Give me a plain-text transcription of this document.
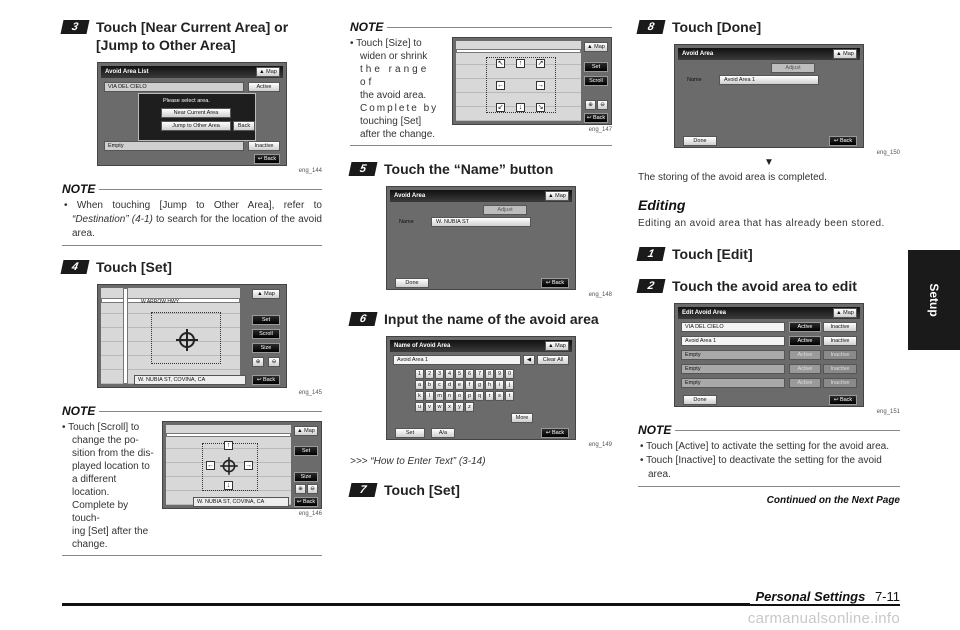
Setup
3	Touch [Near Current Area] or [Jump to Other Area]
Avoid Area List	▲ Map
VIA DEL CIELO	Active
Please select area.
Near Current Area
Jump to Other Area	Back
Empty	Inactive
↩ Back
eng_144
NOTE
• When touching [Jump to Other Area], refer to “Destination” (4-1) to search for the location of the avoid area.
4	Touch [Set]
W ARROW HWY
▲ Map
Set
Scroll
Size
⊕	⊖
W. NUBIA ST, COVINA, CA	↩ Back
eng_145
NOTE
• Touch [Scroll] to
change the po-
sition from the dis-
played location to
a different location.
Complete by touch-
ing [Set] after the
change.
↑
←	→
↓
▲ Map
Set
Size
⊕	⊖
W. NUBIA ST, COVINA, CA	↩ Back
eng_146
NOTE
• Touch [Size] to
widen or shrink
the range of
the avoid area.
Complete by
touching [Set]
after the change.
↖	↑	↗
←	→
↙	↓	↘
▲ Map
Set
Scroll
⊕	⊖
↩ Back
eng_147
5	Touch the “Name” button
Avoid Area	▲ Map
Adjust
Name	W. NUBIA ST
Done	↩ Back
eng_148
6	Input the name of the avoid area
Name of Avoid Area	▲ Map
Avoid Area 1	◀	Clear All
1	2	3	4	5	6	7	8	9	0
a	b	c	d	e	f	g	h	i	j
k	l	m	n	o	p	q	r	s	t
u	v	w	x	y	z
More
Set	A/a	↩ Back
eng_149
>>> “How to Enter Text” (3-14)
7	Touch [Set]
8	Touch [Done]
Avoid Area	▲ Map
Adjust
Name	Avoid Area 1
Done	↩ Back
eng_150
▼
The storing of the avoid area is completed.
Editing
Editing an avoid area that has already been stored.
1	Touch [Edit]
2	Touch the avoid area to edit
Edit Avoid Area	▲ Map
VIA DEL CIELO	Active	Inactive
Avoid Area 1	Active	Inactive
Empty	Active	Inactive
Empty	Active	Inactive
Empty	Active	Inactive
Done	↩ Back
eng_151
NOTE
• Touch [Active] to activate the setting for the avoid area.
• Touch [Inactive] to deactivate the setting for the avoid area.
Continued on the Next Page
Personal Settings 7-11
carmanualsonline.info
